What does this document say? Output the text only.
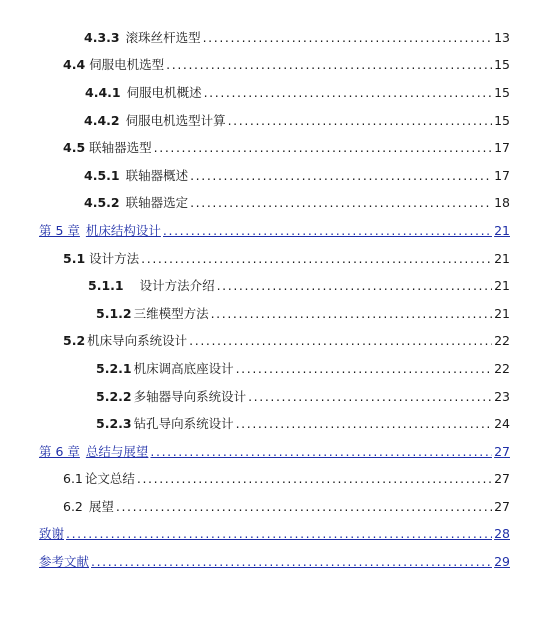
4.3.3 滚珠丝杆选型 .....	13
4.4 伺服电机选型 .....	15
4.4.1 伺服电机概述 .....	15
4.4.2 伺服电机选型计算 .....	15
4.5 联轴器选型 .....	17
4.5.1 联轴器概述 .....	17
4.5.2 联轴器选定 .....	18
第 5 章 机床结构设计 .....	21
5.1 设计方法 .....	21
5.1.1 设计方法介绍 .....	21
5.1.2 三维模型方法 .....	21
5.2 机床导向系统设计 .....	22
5.2.1 机床调高底座设计 .....	22
5.2.2 多轴器导向系统设计 .....	23
5.2.3 钻孔导向系统设计 .....	24
第 6 章 总结与展望 .....	27
6.1 论文总结 .....	27
6.2 展望 .....	27
致谢 .....	28
参考文献 .....	29
